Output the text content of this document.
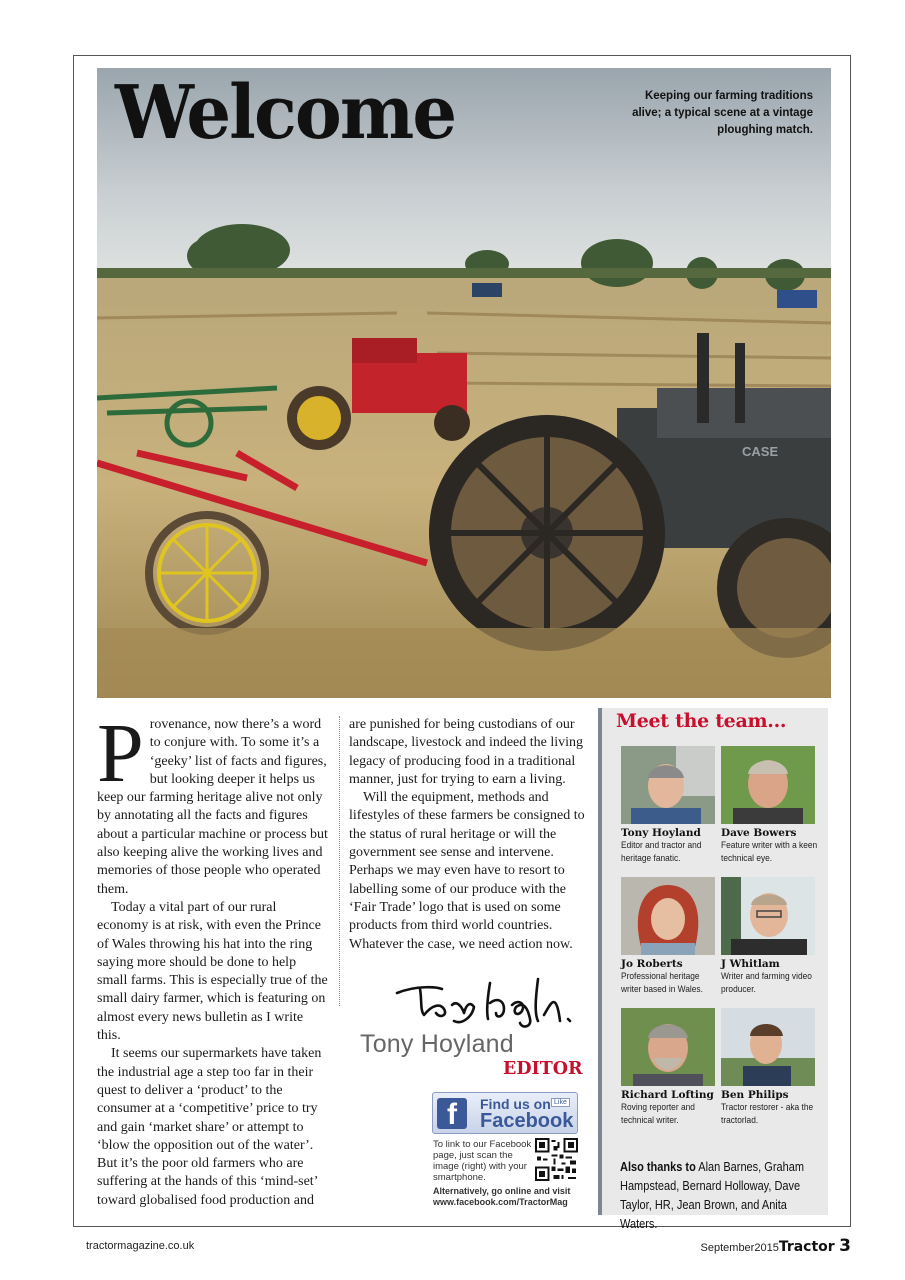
CASE
Welcome	Keeping our farming traditions alive; a typical scene at a vintage ploughing match.
P rovenance, now there’s a word to conjure with. To some it’s a ‘geeky’ list of facts and figures, but looking deeper it helps us keep our farming heritage alive not only by annotating all the facts and figures about a particular machine or process but also keeping alive the working lives and memories of those people who operated them.

Today a vital part of our rural economy is at risk, with even the Prince of Wales throwing his hat into the ring saying more should be done to help small farms. This is especially true of the small dairy farmer, which is featuring on almost every news bulletin as I write this.

It seems our supermarkets have taken the industrial age a step too far in their quest to deliver a ‘product’ to the consumer at a ‘competitive’ price to try and gain ‘market share’ or attempt to ‘blow the opposition out of the water’. But it’s the poor old farmers who are suffering at the hands of this ‘mind-set’ toward globalised food production and

are punished for being custodians of our landscape, livestock and indeed the living legacy of producing food in a traditional manner, just for trying to earn a living.

Will the equipment, methods and lifestyles of these farmers be consigned to the status of rural heritage or will the government see sense and intervene. Perhaps we may even have to resort to labelling some of our produce with the ‘Fair Trade’ logo that is used on some products from third world countries. Whatever the case, we need action now.

Tony Hoyland
EDITOR
f	Find us on Like
Facebook
To link to our Facebook page, just scan the image (right) with your smartphone.
Alternatively, go online and visit www.facebook.com/TractorMag
Meet the team...
Tony Hoyland
Editor and tractor and heritage fanatic.
Dave Bowers
Feature writer with a keen technical eye.
Jo Roberts
Professional heritage writer based in Wales.
J Whitlam
Writer and farming video producer.
Richard Lofting
Roving reporter and technical writer.
Ben Philips
Tractor restorer - aka the tractorlad.
Also thanks to Alan Barnes, Graham Hampstead, Bernard Holloway, Dave Taylor, HR, Jean Brown, and Anita Waters.
tractormagazine.co.uk	September2015Tractor 3
